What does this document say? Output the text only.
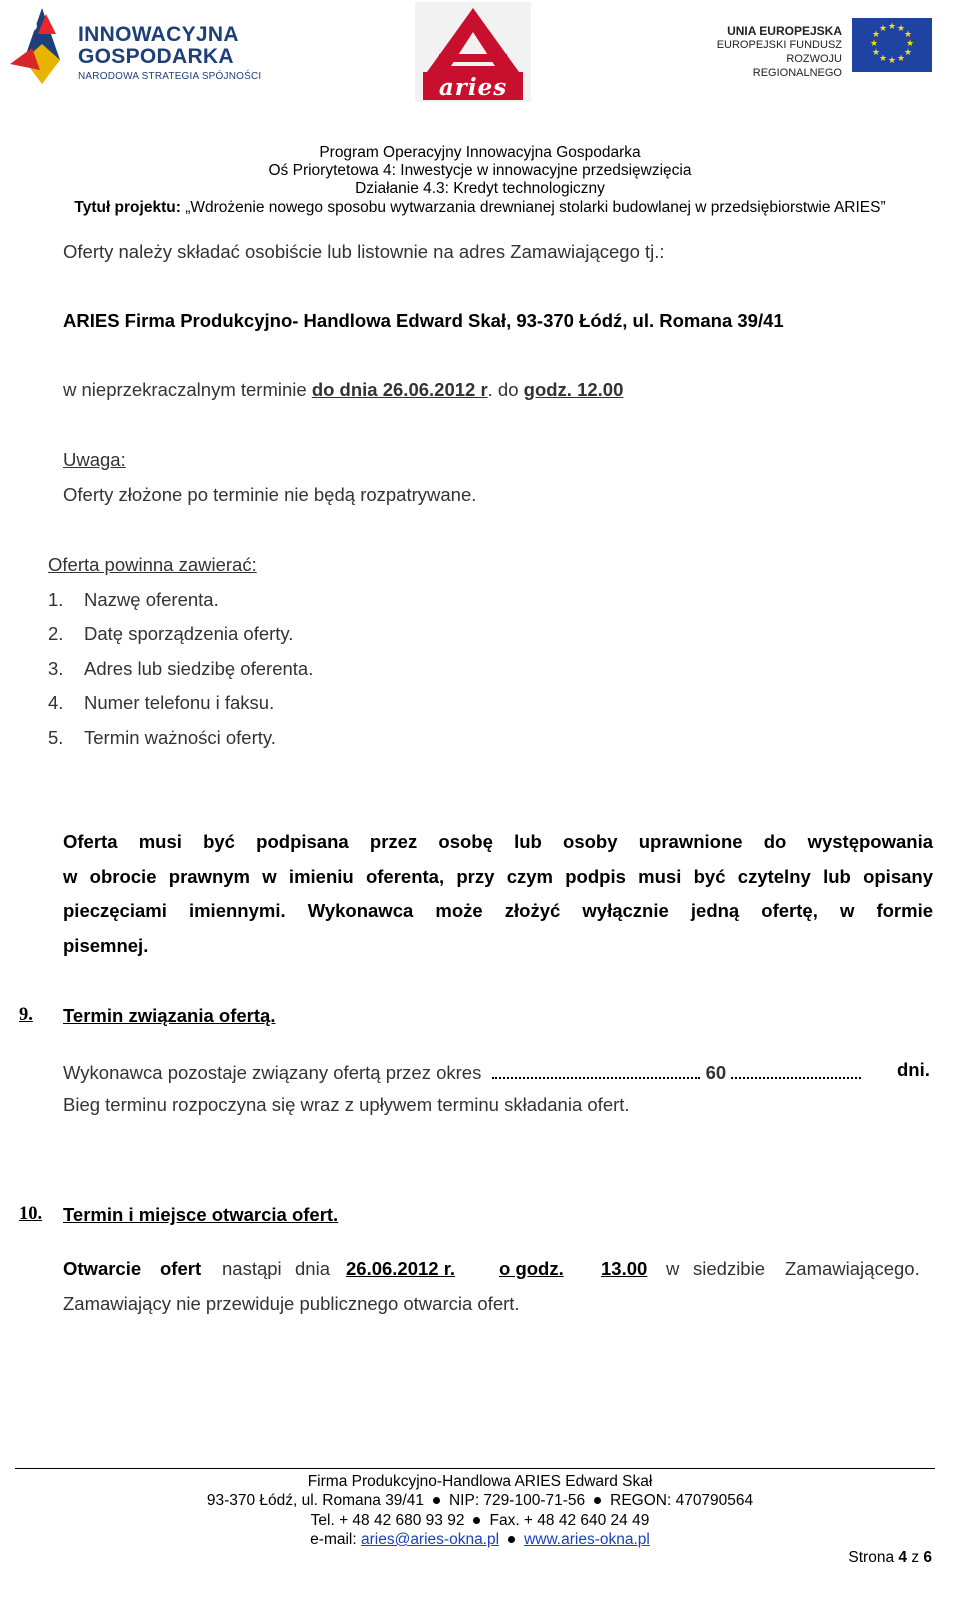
INNOWACYJNA
GOSPODARKA
NARODOWA STRATEGIA SPÓJNOŚCI	aries
UNIA EUROPEJSKA
EUROPEJSKI FUNDUSZ
ROZWOJU REGIONALNEGO
★ ★
★
★
★
★
★
★
★
★
★
★
Program Operacyjny Innowacyjna Gospodarka
Oś Priorytetowa 4: Inwestycje w innowacyjne przedsięwzięcia
Działanie 4.3: Kredyt technologiczny
Tytuł projektu: „Wdrożenie nowego sposobu wytwarzania drewnianej stolarki budowlanej w przedsiębiorstwie ARIES”
Oferty należy składać osobiście lub listownie na adres Zamawiającego tj.:
ARIES Firma Produkcyjno- Handlowa Edward Skał, 93-370 Łódź, ul. Romana 39/41
w nieprzekraczalnym terminie do dnia 26.06.2012 r. do godz. 12.00
Uwaga:
Oferty złożone po terminie nie będą rozpatrywane.
Oferta powinna zawierać:
1. Nazwę oferenta.
2. Datę sporządzenia oferty.
3. Adres lub siedzibę oferenta.
4. Numer telefonu i faksu.
5. Termin ważności oferty.
Oferta musi być podpisana przez osobę lub osoby uprawnione do występowania
w obrocie prawnym w imieniu oferenta, przy czym podpis musi być czytelny lub opisany
pieczęciami imiennymi. Wykonawca może złożyć wyłącznie jedną ofertę, w formie
pisemnej.
9. Termin związania ofertą.
Wykonawca pozostaje związany ofertą przez okres	60	dni.
Bieg terminu rozpoczyna się wraz z upływem terminu składania ofert.
10. Termin i miejsce otwarcia ofert.
Otwarcie ofert nastąpi dnia 26.06.2012 r. o godz. 13.00 w siedzibie Zamawiającego.
Zamawiający nie przewiduje publicznego otwarcia ofert.
Firma Produkcyjno-Handlowa ARIES Edward Skał
93-370 Łódź, ul. Romana 39/41 NIP: 729-100-71-56 REGON: 470790564
Tel. + 48 42 680 93 92 Fax. + 48 42 640 24 49
e-mail: aries@aries-okna.pl www.aries-okna.pl
Strona 4 z 6
